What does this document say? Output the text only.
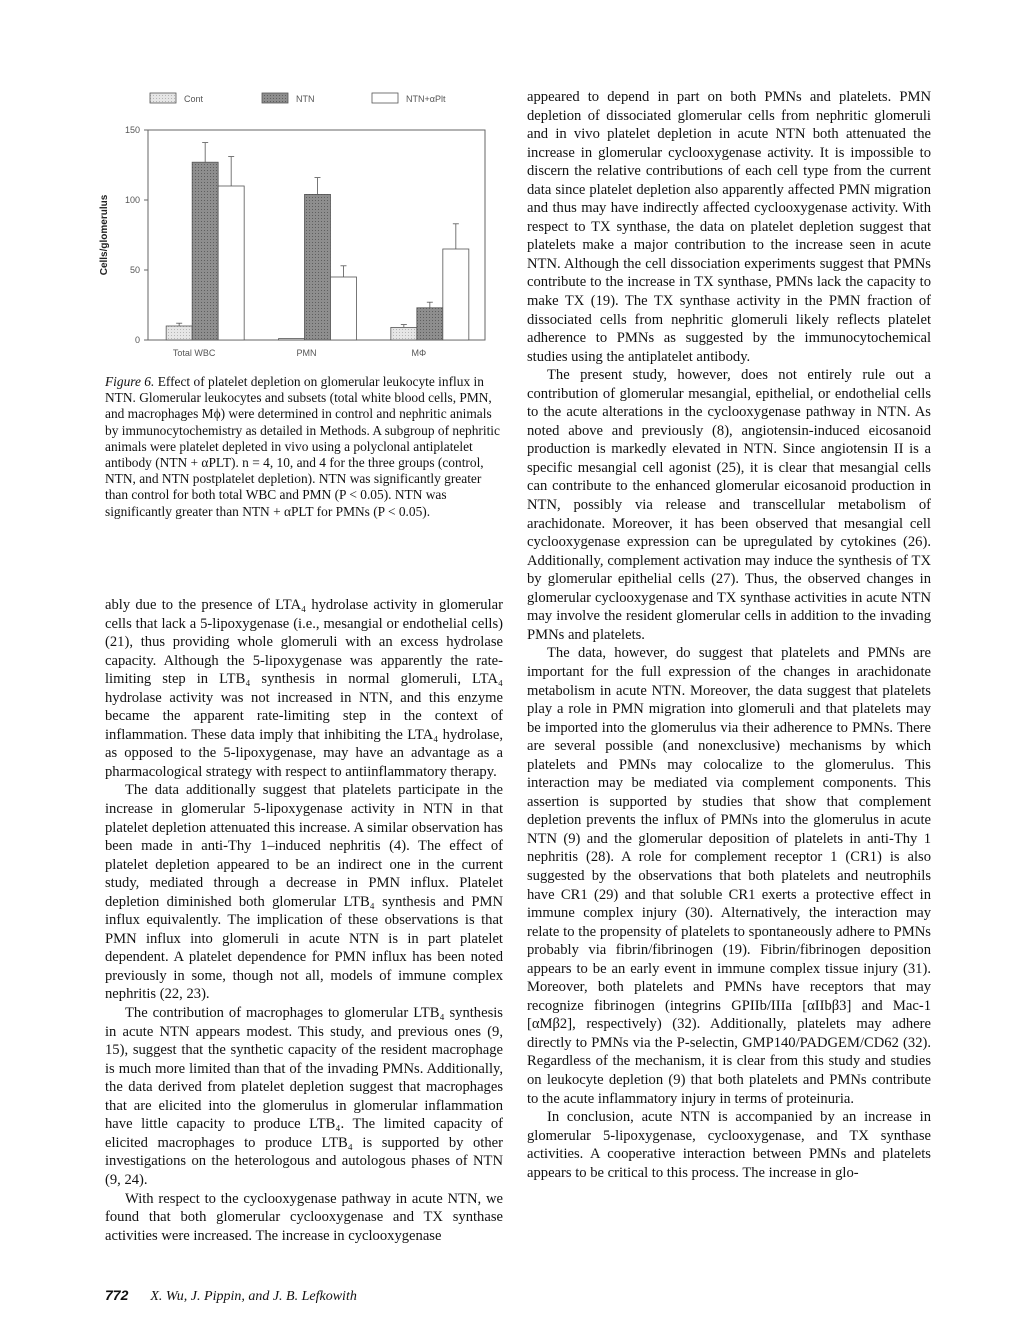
Cont	NTN	NTN+αPlt
0
50
100
150
Cells/glomerulus
Total WBC	PMN	MΦ
Figure 6. Effect of platelet depletion on glomerular leukocyte influx in NTN. Glomerular leukocytes and subsets (total white blood cells, PMN, and macrophages Mϕ) were determined in control and nephritic animals by immunocytochemistry as detailed in Methods. A subgroup of nephritic animals were platelet depleted in vivo using a polyclonal antiplatelet antibody (NTN + αPLT). n = 4, 10, and 4 for the three groups (control, NTN, and NTN postplatelet depletion). NTN was significantly greater than control for both total WBC and PMN (P < 0.05). NTN was significantly greater than NTN + αPLT for PMNs (P < 0.05).

ably due to the presence of LTA₄ hydrolase activity in glomerular cells that lack a 5-lipoxygenase (i.e., mesangial or endothelial cells) (21), thus providing whole glomeruli with an excess hydrolase capacity. Although the 5-lipoxygenase was apparently the rate-limiting step in LTB₄ synthesis in normal glomeruli, LTA₄ hydrolase activity was not increased in NTN, and this enzyme became the apparent rate-limiting step in the context of inflammation. These data imply that inhibiting the LTA₄ hydrolase, as opposed to the 5-lipoxygenase, may have an advantage as a pharmacological strategy with respect to antiinflammatory therapy.

The data additionally suggest that platelets participate in the increase in glomerular 5-lipoxygenase activity in NTN in that platelet depletion attenuated this increase. A similar observation has been made in anti-Thy 1–induced nephritis (4). The effect of platelet depletion appeared to be an indirect one in the current study, mediated through a decrease in PMN influx. Platelet depletion diminished both glomerular LTB₄ synthesis and PMN influx equivalently. The implication of these observations is that PMN influx into glomeruli in acute NTN is in part platelet dependent. A platelet dependence for PMN influx has been noted previously in some, though not all, models of immune complex nephritis (22, 23).

The contribution of macrophages to glomerular LTB₄ synthesis in acute NTN appears modest. This study, and previous ones (9, 15), suggest that the synthetic capacity of the resident macrophage is much more limited than that of the invading PMNs. Additionally, the data derived from platelet depletion suggest that macrophages that are elicited into the glomerulus in glomerular inflammation have little capacity to produce LTB₄. The limited capacity of elicited macrophages to produce LTB₄ is supported by other investigations on the heterologous and autologous phases of NTN (9, 24).

With respect to the cyclooxygenase pathway in acute NTN, we found that both glomerular cyclooxygenase and TX synthase activities were increased. The increase in cyclooxygenase

appeared to depend in part on both PMNs and platelets. PMN depletion of dissociated glomerular cells from nephritic glomeruli and in vivo platelet depletion in acute NTN both attenuated the increase in glomerular cyclooxygenase activity. It is impossible to discern the relative contributions of each cell type from the current data since platelet depletion also apparently affected PMN migration and thus may have indirectly affected cyclooxygenase activity. With respect to TX synthase, the data on platelet depletion suggest that platelets make a major contribution to the increase seen in acute NTN. Although the cell dissociation experiments suggest that PMNs contribute to the increase in TX synthase, PMNs lack the capacity to make TX (19). The TX synthase activity in the PMN fraction of dissociated cells from nephritic glomeruli likely reflects platelet adherence to PMNs as suggested by the immunocytochemical studies using the antiplatelet antibody.

The present study, however, does not entirely rule out a contribution of glomerular mesangial, epithelial, or endothelial cells to the acute alterations in the cyclooxygenase pathway in NTN. As noted above and previously (8), angiotensin-induced eicosanoid production is markedly elevated in NTN. Since angiotensin II is a specific mesangial cell agonist (25), it is clear that mesangial cells can contribute to the enhanced glomerular eicosanoid production in NTN, possibly via release and transcellular metabolism of arachidonate. Moreover, it has been observed that mesangial cell cyclooxygenase expression can be upregulated by cytokines (26). Additionally, complement activation may induce the synthesis of TX by glomerular epithelial cells (27). Thus, the observed changes in glomerular cyclooxygenase and TX synthase activities in acute NTN may involve the resident glomerular cells in addition to the invading PMNs and platelets.

The data, however, do suggest that platelets and PMNs are important for the full expression of the changes in arachidonate metabolism in acute NTN. Moreover, the data suggest that platelets play a role in PMN migration into glomeruli and that platelets may be imported into the glomerulus via their adherence to PMNs. There are several possible (and nonexclusive) mechanisms by which platelets and PMNs may colocalize to the glomerulus. This interaction may be mediated via complement components. This assertion is supported by studies that show that complement depletion prevents the influx of PMNs into the glomerulus in acute NTN (9) and the glomerular deposition of platelets in anti-Thy 1 nephritis (28). A role for complement receptor 1 (CR1) is also suggested by the observations that both platelets and neutrophils have CR1 (29) and that soluble CR1 exerts a protective effect in immune complex injury (30). Alternatively, the interaction may relate to the propensity of platelets to spontaneously adhere to PMNs probably via fibrin/fibrinogen (19). Fibrin/fibrinogen deposition appears to be an early event in immune complex tissue injury (31). Moreover, both platelets and PMNs have receptors that may recognize fibrinogen (integrins GPIIb/IIIa [αIIbβ3] and Mac-1 [αMβ2], respectively) (32). Additionally, platelets may adhere directly to PMNs via the P-selectin, GMP140/PADGEM/CD62 (32). Regardless of the mechanism, it is clear from this study and studies on leukocyte depletion (9) that both platelets and PMNs contribute to the acute inflammatory injury in terms of proteinuria.

In conclusion, acute NTN is accompanied by an increase in glomerular 5-lipoxygenase, cyclooxygenase, and TX synthase activities. A cooperative interaction between PMNs and platelets appears to be critical to this process. The increase in glo-

772 X. Wu, J. Pippin, and J. B. Lefkowith
